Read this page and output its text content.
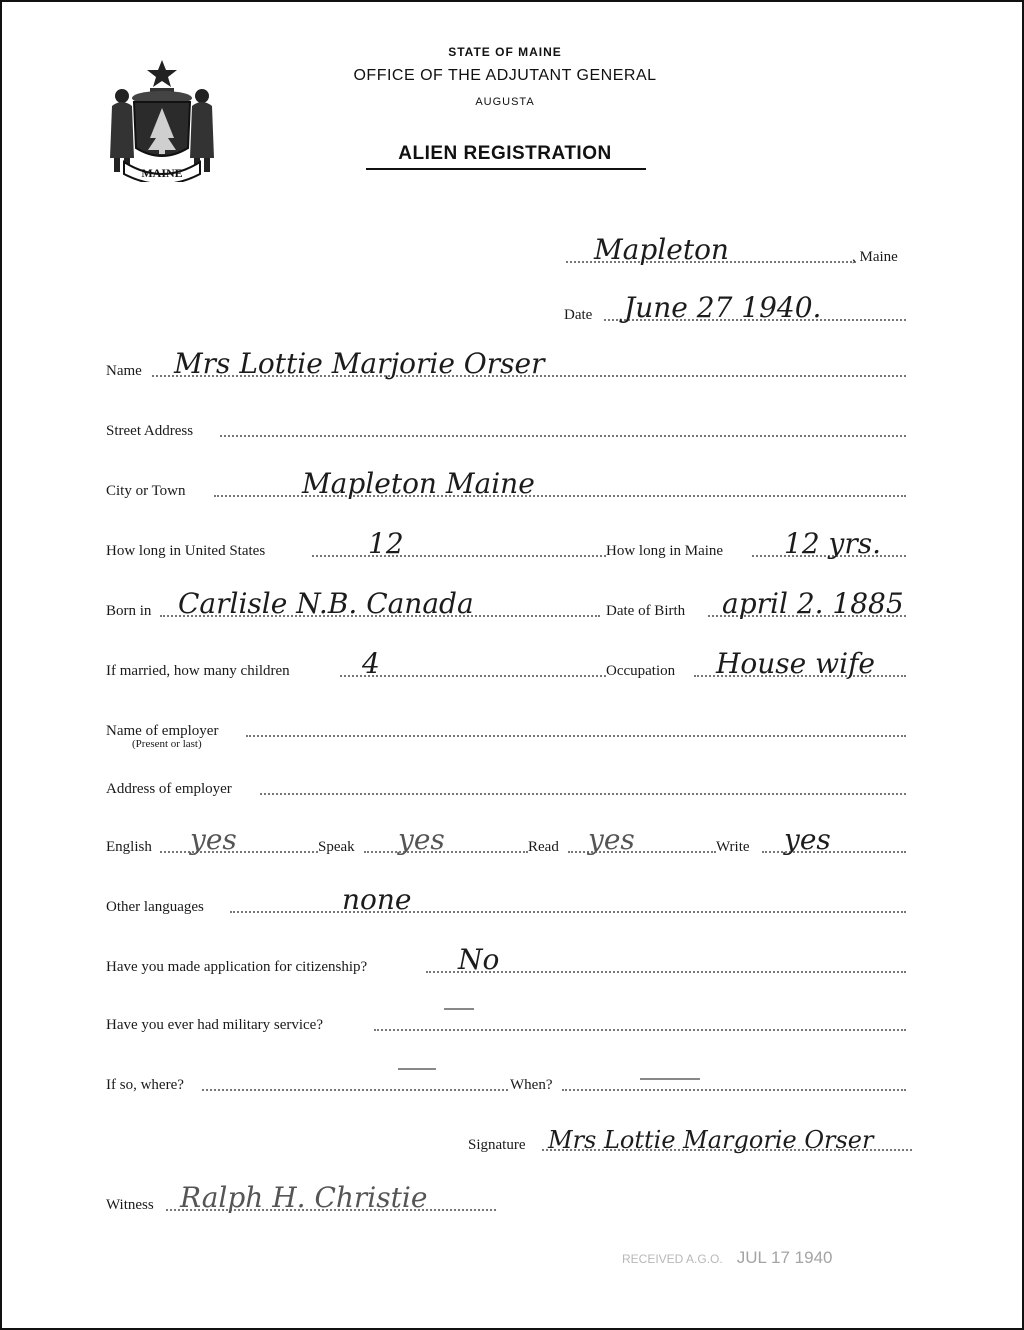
MAINE
STATE OF MAINE
OFFICE OF THE ADJUTANT GENERAL
AUGUSTA
ALIEN REGISTRATION
Mapleton	, Maine
Date June 27 1940.
Name Mrs Lottie Marjorie Orser
Street Address
City or Town	Mapleton Maine
How long in United States	12	How long in Maine 12 yrs.
Born in Carlisle N.B. Canada	Date of Birth april 2. 1885
If married, how many children	4	Occupation House wife
Name of employer
(Present or last)
Address of employer
English yes	Speak yes	Read yes	Write yes
Other languages	none
Have you made application for citizenship?	No
Have you ever had military service?
If so, where?	When?
Signature Mrs Lottie Margorie Orser
Witness Ralph H. Christie
RECEIVED A.G.O. JUL 17 1940
